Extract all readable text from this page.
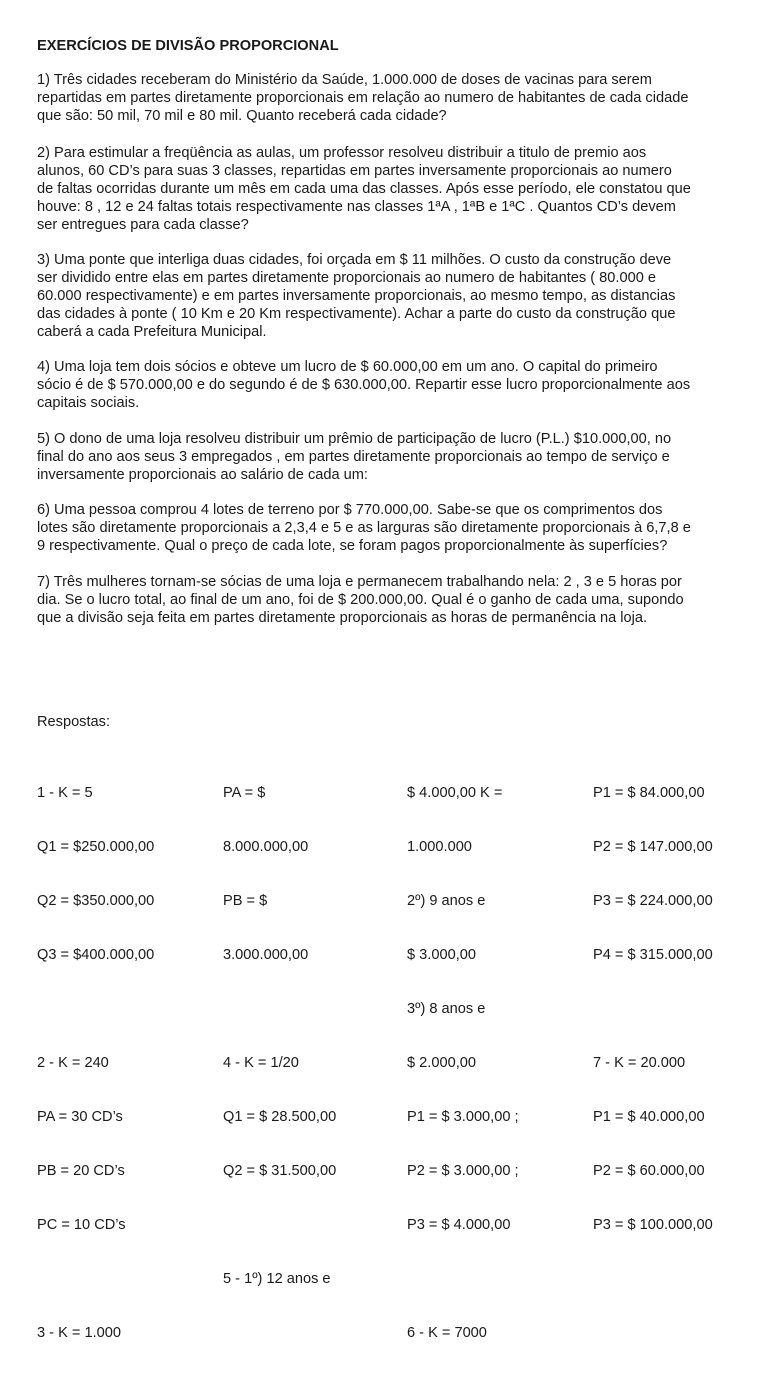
EXERCÍCIOS DE DIVISÃO PROPORCIONAL
1) Três cidades receberam do Ministério da Saúde, 1.000.000 de doses de vacinas para serem
repartidas em partes diretamente proporcionais em relação ao numero de habitantes de cada cidade
que são: 50 mil, 70 mil e 80 mil. Quanto receberá cada cidade?
2) Para estimular a freqüência as aulas, um professor resolveu distribuir a titulo de premio aos
alunos, 60 CD’s para suas 3 classes, repartidas em partes inversamente proporcionais ao numero
de faltas ocorridas durante um mês em cada uma das classes. Após esse período, ele constatou que
houve: 8 , 12 e 24 faltas totais respectivamente nas classes 1ªA , 1ªB e 1ªC . Quantos CD’s devem
ser entregues para cada classe?
3) Uma ponte que interliga duas cidades, foi orçada em $ 11 milhões. O custo da construção deve
ser dividido entre elas em partes diretamente proporcionais ao numero de habitantes ( 80.000 e
60.000 respectivamente) e em partes inversamente proporcionais, ao mesmo tempo, as distancias
das cidades à ponte ( 10 Km e 20 Km respectivamente). Achar a parte do custo da construção que
caberá a cada Prefeitura Municipal.
4) Uma loja tem dois sócios e obteve um lucro de $ 60.000,00 em um ano. O capital do primeiro
sócio é de $ 570.000,00 e do segundo é de $ 630.000,00. Repartir esse lucro proporcionalmente aos
capitais sociais.
5) O dono de uma loja resolveu distribuir um prêmio de participação de lucro (P.L.) $10.000,00, no
final do ano aos seus 3 empregados , em partes diretamente proporcionais ao tempo de serviço e
inversamente proporcionais ao salário de cada um:
6) Uma pessoa comprou 4 lotes de terreno por $ 770.000,00. Sabe-se que os comprimentos dos
lotes são diretamente proporcionais a 2,3,4 e 5 e as larguras são diretamente proporcionais à 6,7,8 e
9 respectivamente. Qual o preço de cada lote, se foram pagos proporcionalmente às superfícies?
7) Três mulheres tornam-se sócias de uma loja e permanecem trabalhando nela: 2 , 3 e 5 horas por
dia. Se o lucro total, ao final de um ano, foi de $ 200.000,00. Qual é o ganho de cada uma, supondo
que a divisão seja feita em partes diretamente proporcionais as horas de permanência na loja.
Respostas:

1 - K = 5

Q1 = $250.000,00

Q2 = $350.000,00

Q3 = $400.000,00

2 - K = 240

PA = 30 CD’s

PB = 20 CD’s

PC = 10 CD’s

3 - K = 1.000

PA = $

8.000.000,00

PB = $

3.000.000,00

4 - K = 1/20

Q1 = $ 28.500,00

Q2 = $ 31.500,00

5 - 1º) 12 anos e

$ 4.000,00 K =

1.000.000

2º) 9 anos e

$ 3.000,00

3º) 8 anos e

$ 2.000,00

P1 = $ 3.000,00 ;

P2 = $ 3.000,00 ;

P3 = $ 4.000,00

6 - K = 7000

P1 = $ 84.000,00

P2 = $ 147.000,00

P3 = $ 224.000,00

P4 = $ 315.000,00

7 - K = 20.000

P1 = $ 40.000,00

P2 = $ 60.000,00

P3 = $ 100.000,00
